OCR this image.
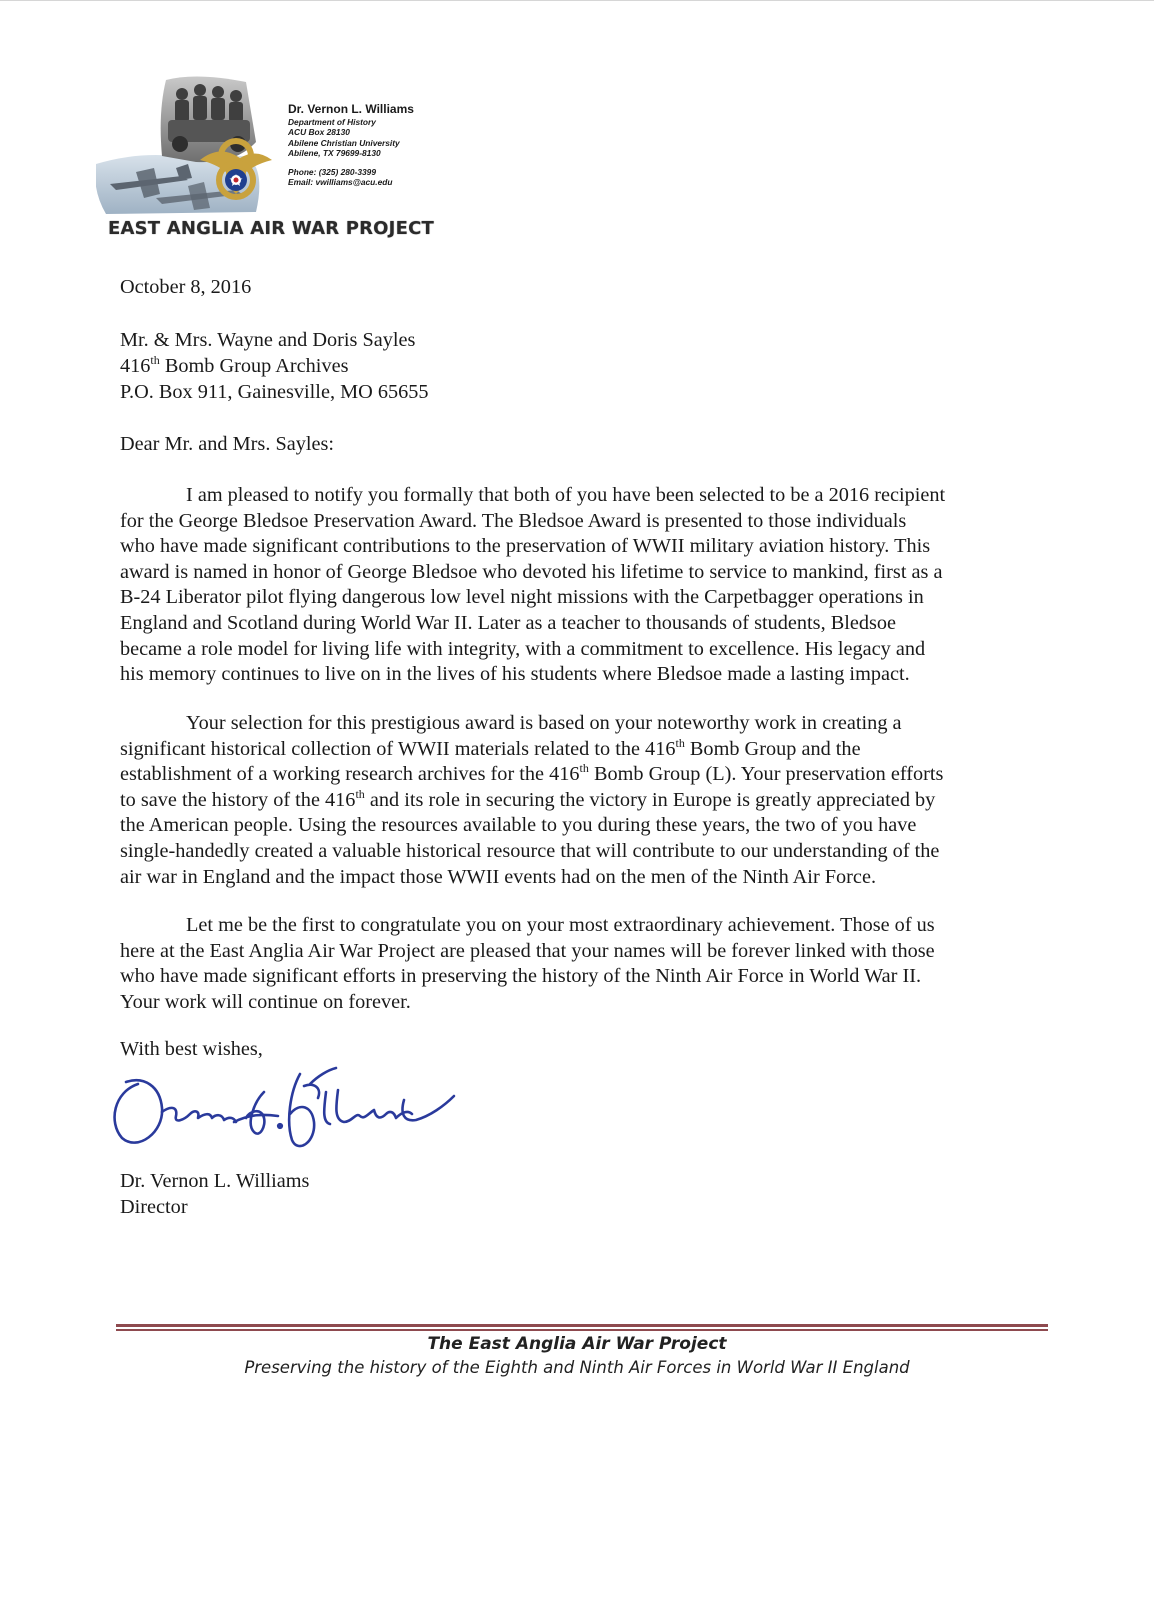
Dr. Vernon L. Williams
Department of History
ACU Box 28130
Abilene Christian University
Abilene, TX 79699-8130
Phone: (325) 280-3399
Email: vwilliams@acu.edu
EAST ANGLIA AIR WAR PROJECT
October 8, 2016
Mr. & Mrs. Wayne and Doris Sayles
416th Bomb Group Archives
P.O. Box 911, Gainesville, MO 65655
Dear Mr. and Mrs. Sayles:
I am pleased to notify you formally that both of you have been selected to be a 2016 recipient
for the George Bledsoe Preservation Award. The Bledsoe Award is presented to those individuals
who have made significant contributions to the preservation of WWII military aviation history. This
award is named in honor of George Bledsoe who devoted his lifetime to service to mankind, first as a
B-24 Liberator pilot flying dangerous low level night missions with the Carpetbagger operations in
England and Scotland during World War II. Later as a teacher to thousands of students, Bledsoe
became a role model for living life with integrity, with a commitment to excellence. His legacy and
his memory continues to live on in the lives of his students where Bledsoe made a lasting impact.
Your selection for this prestigious award is based on your noteworthy work in creating a
significant historical collection of WWII materials related to the 416th Bomb Group and the
establishment of a working research archives for the 416th Bomb Group (L). Your preservation efforts
to save the history of the 416th and its role in securing the victory in Europe is greatly appreciated by
the American people. Using the resources available to you during these years, the two of you have
single-handedly created a valuable historical resource that will contribute to our understanding of the
air war in England and the impact those WWII events had on the men of the Ninth Air Force.
Let me be the first to congratulate you on your most extraordinary achievement. Those of us
here at the East Anglia Air War Project are pleased that your names will be forever linked with those
who have made significant efforts in preserving the history of the Ninth Air Force in World War II.
Your work will continue on forever.
With best wishes,
Dr. Vernon L. Williams
Director
The East Anglia Air War Project
Preserving the history of the Eighth and Ninth Air Forces in World War II England
